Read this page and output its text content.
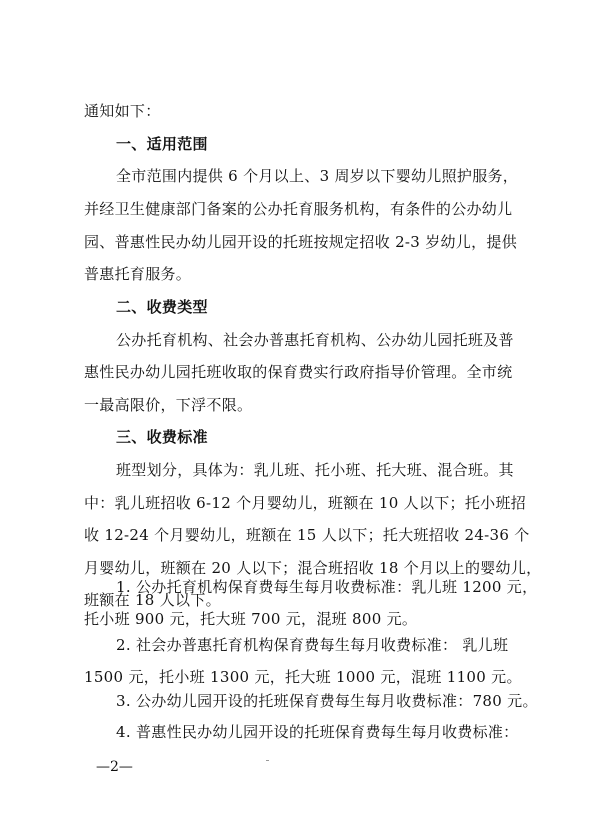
通知如下：
一、适用范围
全市范围内提供 6 个月以上、3 周岁以下婴幼儿照护服务，
并经卫生健康部门备案的公办托育服务机构，有条件的公办幼儿
园、普惠性民办幼儿园开设的托班按规定招收 2-3 岁幼儿，提供
普惠托育服务。
二、收费类型
公办托育机构、社会办普惠托育机构、公办幼儿园托班及普
惠性民办幼儿园托班收取的保育费实行政府指导价管理。全市统
一最高限价，下浮不限。
三、收费标准
班型划分，具体为：乳儿班、托小班、托大班、混合班。其
中：乳儿班招收 6-12 个月婴幼儿，班额在 10 人以下；托小班招
收 12-24 个月婴幼儿，班额在 15 人以下；托大班招收 24-36 个
月婴幼儿，班额在 20 人以下；混合班招收 18 个月以上的婴幼儿，
班额在 18 人以下。
1. 公办托育机构保育费每生每月收费标准：乳儿班 1200 元，
托小班 900 元，托大班 700 元，混班 800 元。
2. 社会办普惠托育机构保育费每生每月收费标准： 乳儿班
1500 元，托小班 1300 元，托大班 1000 元，混班 1100 元。
3. 公办幼儿园开设的托班保育费每生每月收费标准：780 元。
—2—
4. 普惠性民办幼儿园开设的托班保育费每生每月收费标准：
